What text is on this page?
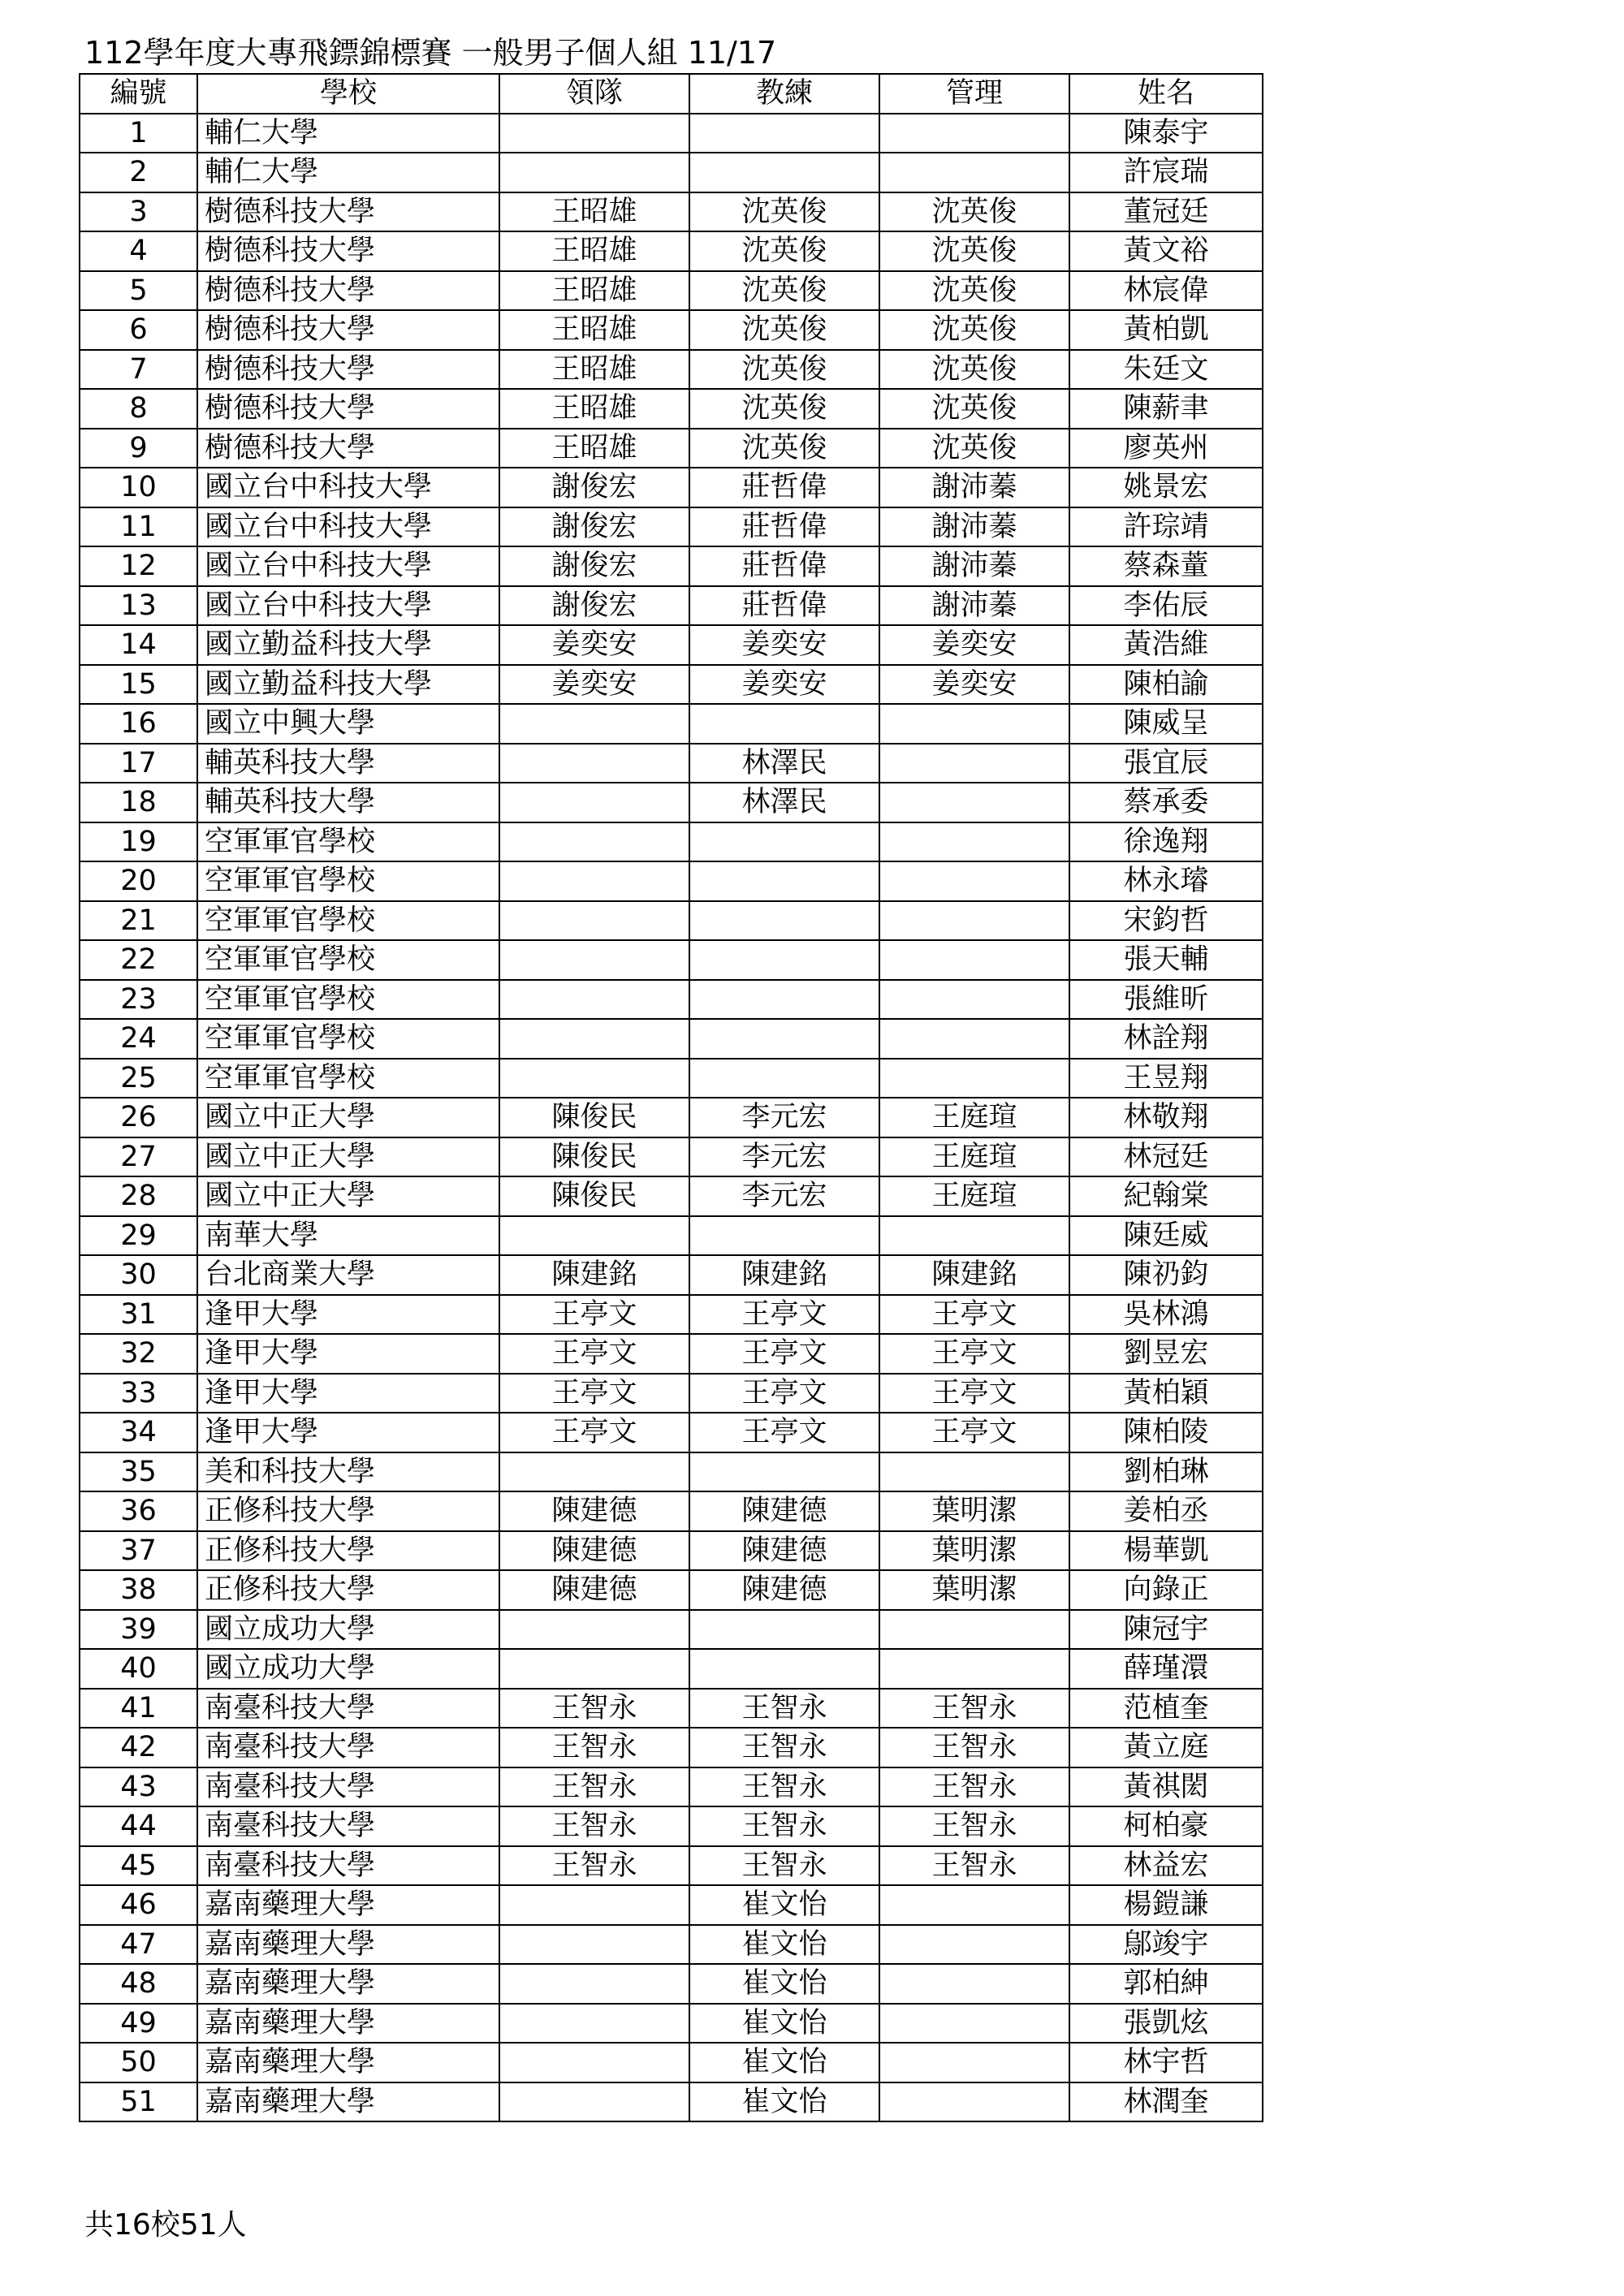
112學年度大專飛鏢錦標賽 一般男子個人組 11/17
編號	學校	領隊	教練	管理	姓名
1	輔仁大學				陳泰宇
2	輔仁大學				許宸瑞
3	樹德科技大學	王昭雄	沈英俊	沈英俊	董冠廷
4	樹德科技大學	王昭雄	沈英俊	沈英俊	黃文裕
5	樹德科技大學	王昭雄	沈英俊	沈英俊	林宸偉
6	樹德科技大學	王昭雄	沈英俊	沈英俊	黃柏凱
7	樹德科技大學	王昭雄	沈英俊	沈英俊	朱廷文
8	樹德科技大學	王昭雄	沈英俊	沈英俊	陳薪聿
9	樹德科技大學	王昭雄	沈英俊	沈英俊	廖英州
10	國立台中科技大學	謝俊宏	莊哲偉	謝沛蓁	姚景宏
11	國立台中科技大學	謝俊宏	莊哲偉	謝沛蓁	許琮靖
12	國立台中科技大學	謝俊宏	莊哲偉	謝沛蓁	蔡森蕫
13	國立台中科技大學	謝俊宏	莊哲偉	謝沛蓁	李佑辰
14	國立勤益科技大學	姜奕安	姜奕安	姜奕安	黃浩維
15	國立勤益科技大學	姜奕安	姜奕安	姜奕安	陳柏諭
16	國立中興大學				陳威呈
17	輔英科技大學		林澤民		張宜辰
18	輔英科技大學		林澤民		蔡承委
19	空軍軍官學校				徐逸翔
20	空軍軍官學校				林永璿
21	空軍軍官學校				宋鈞哲
22	空軍軍官學校				張天輔
23	空軍軍官學校				張維昕
24	空軍軍官學校				林詮翔
25	空軍軍官學校				王昱翔
26	國立中正大學	陳俊民	李元宏	王庭瑄	林敬翔
27	國立中正大學	陳俊民	李元宏	王庭瑄	林冠廷
28	國立中正大學	陳俊民	李元宏	王庭瑄	紀翰棠
29	南華大學				陳廷威
30	台北商業大學	陳建銘	陳建銘	陳建銘	陳礽鈞
31	逢甲大學	王亭文	王亭文	王亭文	吳林鴻
32	逢甲大學	王亭文	王亭文	王亭文	劉昱宏
33	逢甲大學	王亭文	王亭文	王亭文	黃柏穎
34	逢甲大學	王亭文	王亭文	王亭文	陳柏陵
35	美和科技大學				劉柏琳
36	正修科技大學	陳建德	陳建德	葉明潔	姜柏丞
37	正修科技大學	陳建德	陳建德	葉明潔	楊華凱
38	正修科技大學	陳建德	陳建德	葉明潔	向錄正
39	國立成功大學				陳冠宇
40	國立成功大學				薛瑾澴
41	南臺科技大學	王智永	王智永	王智永	范植奎
42	南臺科技大學	王智永	王智永	王智永	黃立庭
43	南臺科技大學	王智永	王智永	王智永	黃祺閎
44	南臺科技大學	王智永	王智永	王智永	柯柏豪
45	南臺科技大學	王智永	王智永	王智永	林益宏
46	嘉南藥理大學		崔文怡		楊鎧謙
47	嘉南藥理大學		崔文怡		鄔竣宇
48	嘉南藥理大學		崔文怡		郭柏紳
49	嘉南藥理大學		崔文怡		張凱炫
50	嘉南藥理大學		崔文怡		林宇哲
51	嘉南藥理大學		崔文怡		林潤奎
共16校51人
